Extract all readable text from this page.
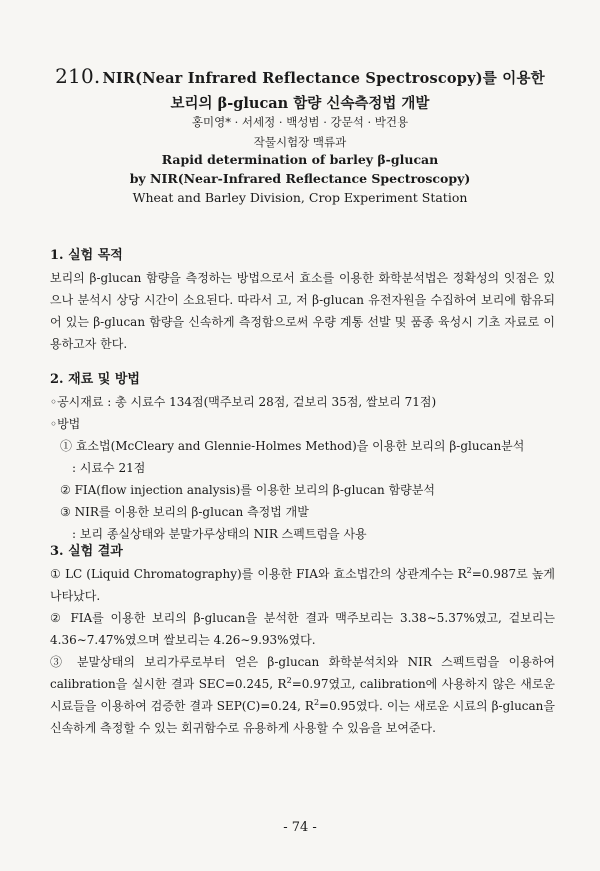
210. NIR(Near Infrared Reflectance Spectroscopy)를 이용한
보리의 β-glucan 함량 신속측정법 개발
홍미영* · 서세정 · 백성범 · 강문석 · 박건용
작물시험장 맥류과
Rapid determination of barley β-glucan
by NIR(Near-Infrared Reflectance Spectroscopy)
Wheat and Barley Division, Crop Experiment Station
1. 실험 목적

보리의 β-glucan 함량을 측정하는 방법으로서 효소를 이용한 화학분석법은 정확성의 잇점은 있으나 분석시 상당 시간이 소요된다. 따라서 고, 저 β-glucan 유전자원을 수집하여 보리에 함유되어 있는 β-glucan 함량을 신속하게 측정함으로써 우량 계통 선발 및 품종 육성시 기초 자료로 이용하고자 한다.

2. 재료 및 방법

◦공시재료 : 총 시료수 134점(맥주보리 28점, 겉보리 35점, 쌀보리 71점)

◦방법

① 효소법(McCleary and Glennie-Holmes Method)을 이용한 보리의 β-glucan분석

: 시료수 21점

② FIA(flow injection analysis)를 이용한 보리의 β-glucan 함량분석

③ NIR를 이용한 보리의 β-glucan 측정법 개발

: 보리 종실상태와 분말가루상태의 NIR 스펙트럼을 사용

3. 실험 결과

① LC (Liquid Chromatography)를 이용한 FIA와 효소법간의 상관계수는 $R^2=0.987$로 높게 나타났다.

② FIA를 이용한 보리의 β-glucan을 분석한 결과 맥주보리는 3.38∼5.37%였고, 겉보리는 4.36∼7.47%였으며 쌀보리는 4.26∼9.93%였다.

③ 분말상태의 보리가루로부터 얻은 β-glucan 화학분석치와 NIR 스펙트럼을 이용하여 calibration을 실시한 결과 SEC=0.245, $R^2=0.97$였고, calibration에 사용하지 않은 새로운 시료들을 이용하여 검증한 결과 SEP(C)=0.24, $R^2=0.95$였다. 이는 새로운 시료의 β-glucan을 신속하게 측정할 수 있는 회귀함수로 유용하게 사용할 수 있음을 보여준다.

- 74 -
